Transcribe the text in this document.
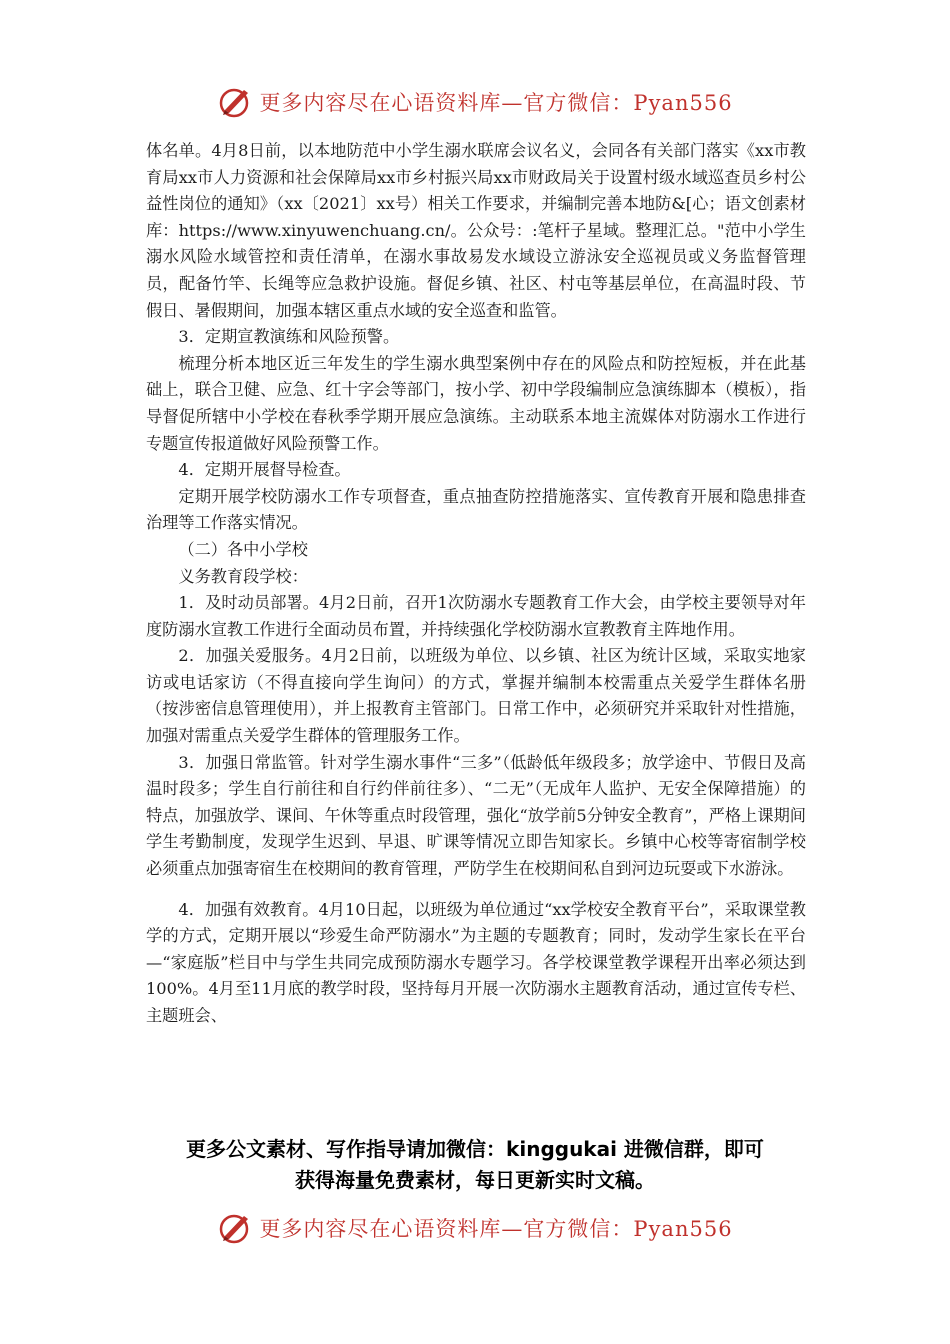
更多内容尽在心语资料库—官方微信：Pyan556

体名单。4月8日前，以本地防范中小学生溺水联席会议名义，会同各有关部门落实《xx市教育局xx市人力资源和社会保障局xx市乡村振兴局xx市财政局关于设置村级水域巡查员乡村公益性岗位的通知》（xx〔2021〕xx号）相关工作要求，并编制完善本地防&[心；语文创素材库：https://www.xinyuwenchuang.cn/。公众号：:笔杆子星域。整理汇总。"范中小学生溺水风险水域管控和责任清单，在溺水事故易发水域设立游泳安全巡视员或义务监督管理员，配备竹竿、长绳等应急救护设施。督促乡镇、社区、村屯等基层单位，在高温时段、节假日、暑假期间，加强本辖区重点水域的安全巡查和监管。

3．定期宣教演练和风险预警。

梳理分析本地区近三年发生的学生溺水典型案例中存在的风险点和防控短板，并在此基础上，联合卫健、应急、红十字会等部门，按小学、初中学段编制应急演练脚本（模板），指导督促所辖中小学校在春秋季学期开展应急演练。主动联系本地主流媒体对防溺水工作进行专题宣传报道做好风险预警工作。

4．定期开展督导检查。

定期开展学校防溺水工作专项督查，重点抽查防控措施落实、宣传教育开展和隐患排查治理等工作落实情况。

（二）各中小学校

义务教育段学校：

1．及时动员部署。4月2日前，召开1次防溺水专题教育工作大会，由学校主要领导对年度防溺水宣教工作进行全面动员布置，并持续强化学校防溺水宣教教育主阵地作用。

2．加强关爱服务。4月2日前，以班级为单位、以乡镇、社区为统计区域，采取实地家访或电话家访（不得直接向学生询问）的方式，掌握并编制本校需重点关爱学生群体名册（按涉密信息管理使用），并上报教育主管部门。日常工作中，必须研究并采取针对性措施，加强对需重点关爱学生群体的管理服务工作。

3．加强日常监管。针对学生溺水事件“三多”（低龄低年级段多；放学途中、节假日及高温时段多；学生自行前往和自行约伴前往多）、“二无”（无成年人监护、无安全保障措施）的特点，加强放学、课间、午休等重点时段管理，强化“放学前5分钟安全教育”，严格上课期间学生考勤制度，发现学生迟到、早退、旷课等情况立即告知家长。乡镇中心校等寄宿制学校必须重点加强寄宿生在校期间的教育管理，严防学生在校期间私自到河边玩耍或下水游泳。

4．加强有效教育。4月10日起，以班级为单位通过“xx学校安全教育平台”，采取课堂教学的方式，定期开展以“珍爱生命严防溺水”为主题的专题教育；同时，发动学生家长在平台—“家庭版”栏目中与学生共同完成预防溺水专题学习。各学校课堂教学课程开出率必须达到100%。4月至11月底的教学时段，坚持每月开展一次防溺水主题教育活动，通过宣传专栏、主题班会、

更多公文素材、写作指导请加微信：kinggukai 进微信群，即可

获得海量免费素材，每日更新实时文稿。

更多内容尽在心语资料库—官方微信：Pyan556
